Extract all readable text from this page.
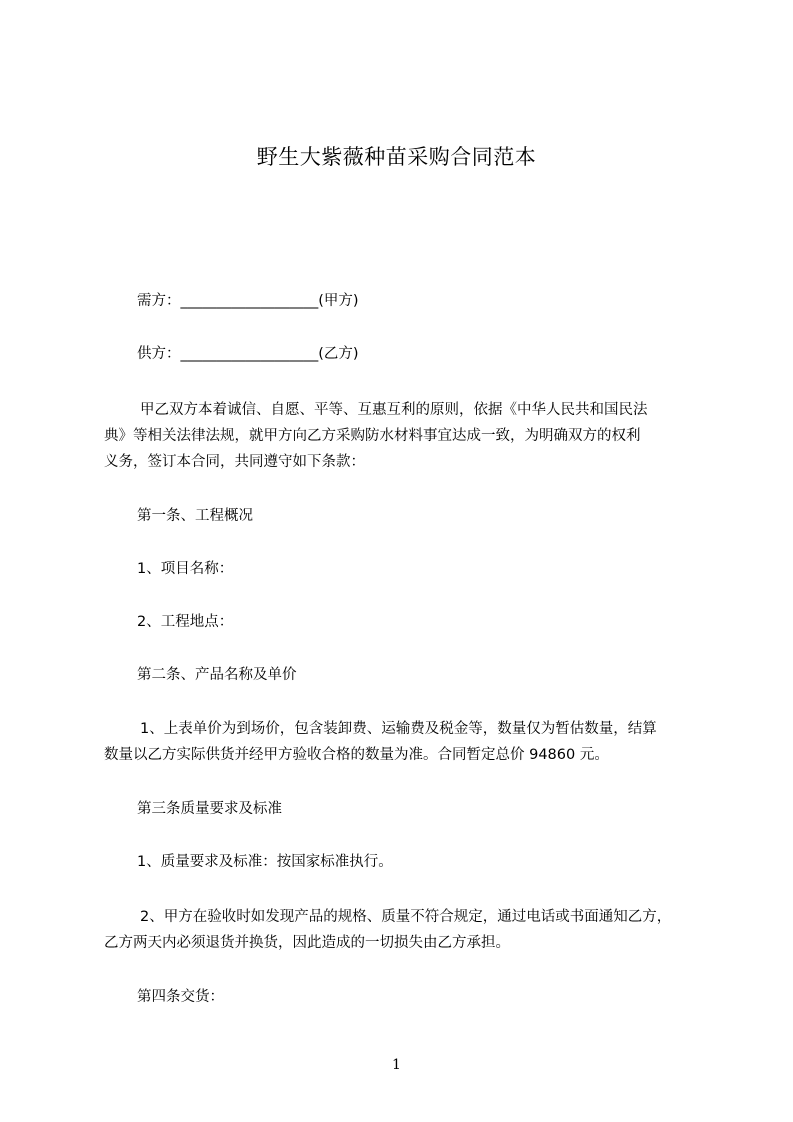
野生大紫薇种苗采购合同范本
需方：___________________(甲方)
供方：___________________(乙方)
甲乙双方本着诚信、自愿、平等、互惠互利的原则，依据《中华人民共和国民法
典》等相关法律法规，就甲方向乙方采购防水材料事宜达成一致，为明确双方的权利
义务，签订本合同，共同遵守如下条款：
第一条、工程概况
1、项目名称：
2、工程地点：
第二条、产品名称及单价
1、上表单价为到场价，包含装卸费、运输费及税金等，数量仅为暂估数量，结算
数量以乙方实际供货并经甲方验收合格的数量为准。合同暂定总价 94860 元。
第三条质量要求及标准
1、质量要求及标准：按国家标准执行。
2、甲方在验收时如发现产品的规格、质量不符合规定，通过电话或书面通知乙方，
乙方两天内必须退货并换货，因此造成的一切损失由乙方承担。
第四条交货：
1
